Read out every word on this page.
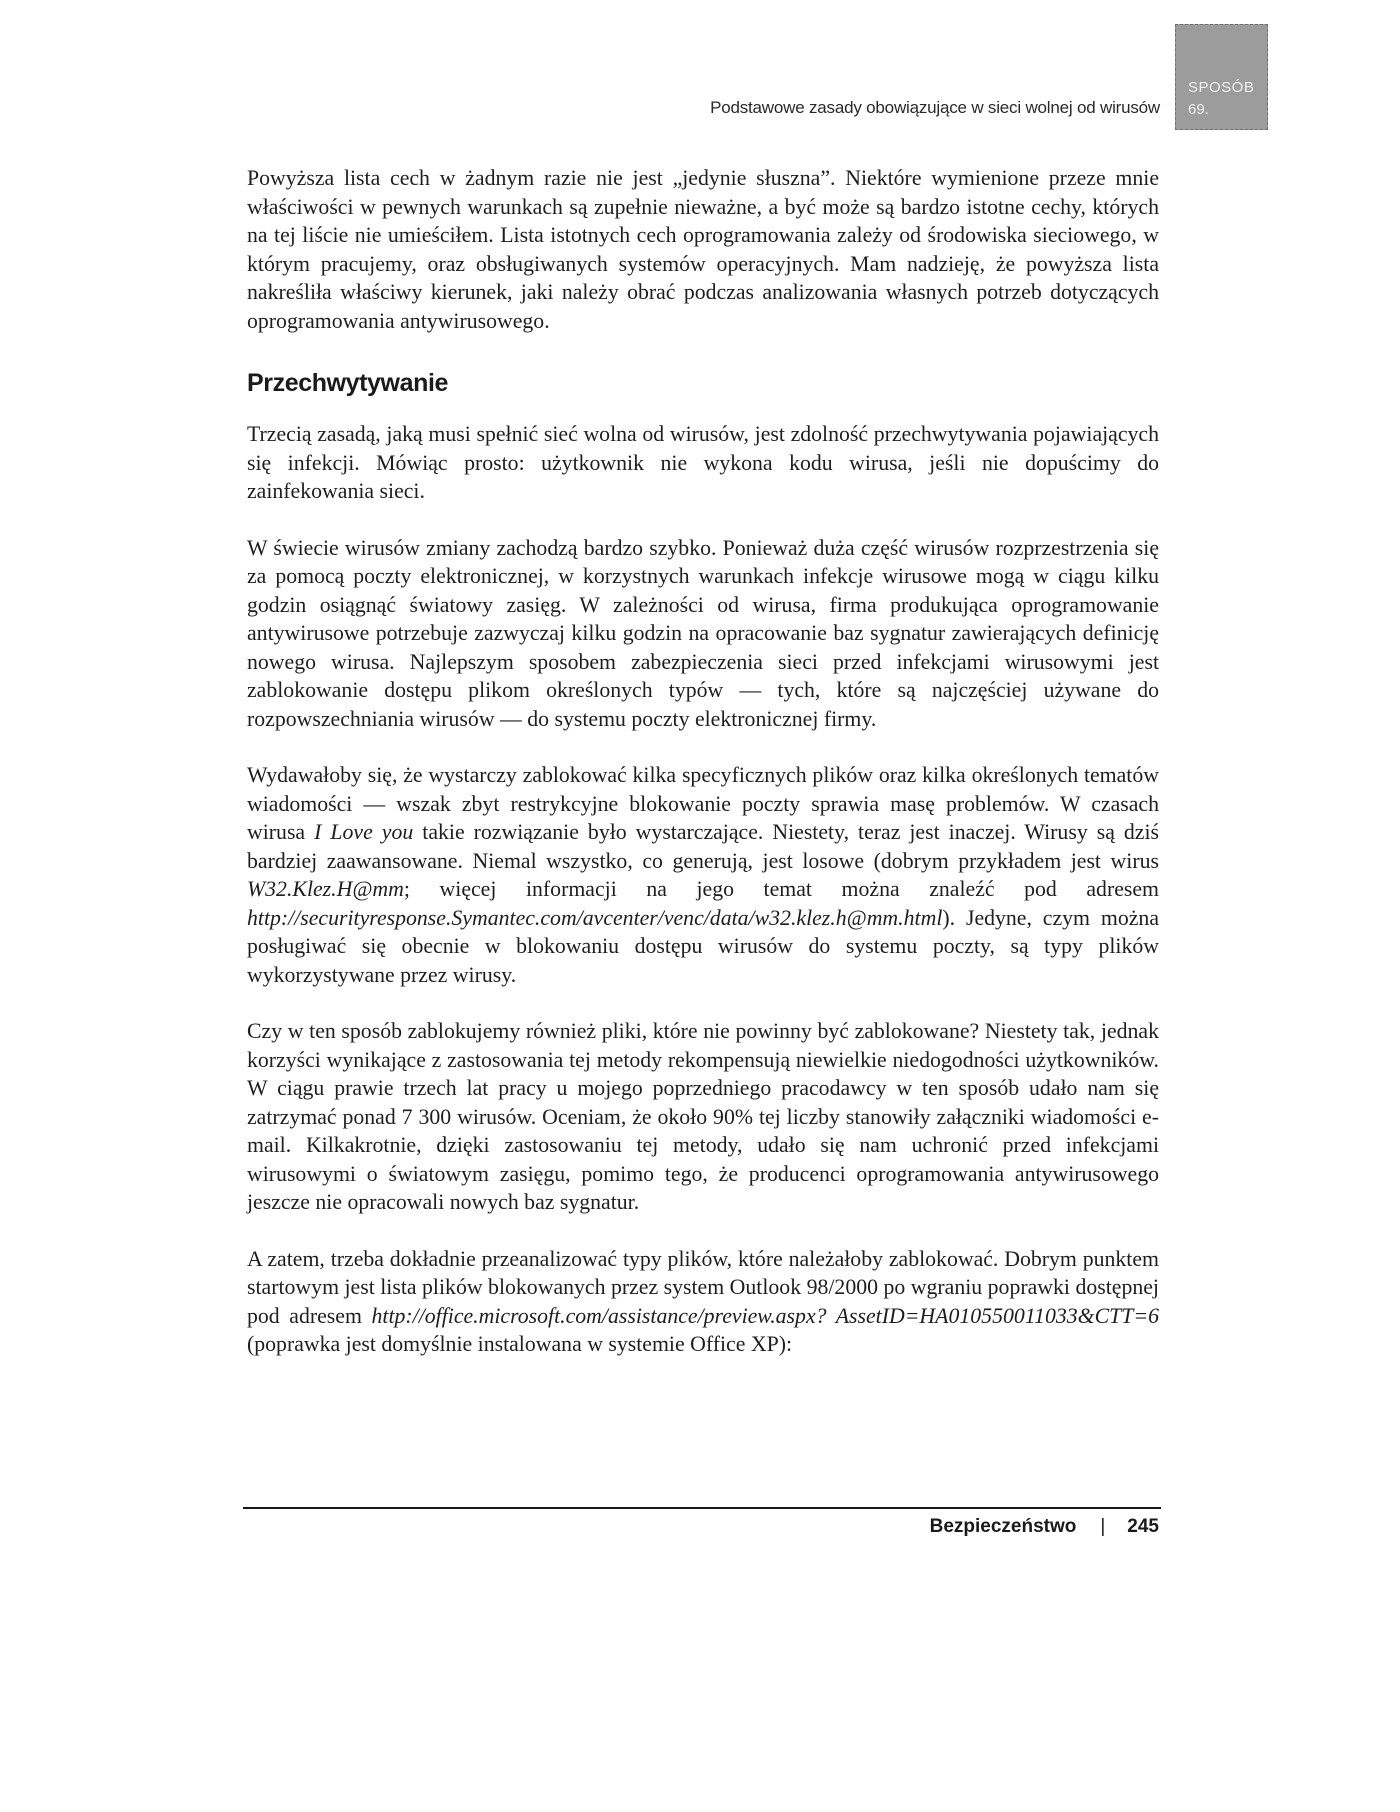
Podstawowe zasady obowiązujące w sieci wolnej od wirusów
SPOSÓB
69.

Powyższa lista cech w żadnym razie nie jest „jedynie słuszna”. Niektóre wymienione przeze mnie właściwości w pewnych warunkach są zupełnie nieważne, a być może są bardzo istotne cechy, których na tej liście nie umieściłem. Lista istotnych cech oprogramowania zależy od środowiska sieciowego, w którym pracujemy, oraz obsługiwanych systemów operacyjnych. Mam nadzieję, że powyższa lista nakreśliła właściwy kierunek, jaki należy obrać podczas analizowania własnych potrzeb dotyczących oprogramowania antywirusowego.

Przechwytywanie

Trzecią zasadą, jaką musi spełnić sieć wolna od wirusów, jest zdolność przechwytywania pojawiających się infekcji. Mówiąc prosto: użytkownik nie wykona kodu wirusa, jeśli nie dopuścimy do zainfekowania sieci.

W świecie wirusów zmiany zachodzą bardzo szybko. Ponieważ duża część wirusów rozprzestrzenia się za pomocą poczty elektronicznej, w korzystnych warunkach infekcje wirusowe mogą w ciągu kilku godzin osiągnąć światowy zasięg. W zależności od wirusa, firma produkująca oprogramowanie antywirusowe potrzebuje zazwyczaj kilku godzin na opracowanie baz sygnatur zawierających definicję nowego wirusa. Najlepszym sposobem zabezpieczenia sieci przed infekcjami wirusowymi jest zablokowanie dostępu plikom określonych typów — tych, które są najczęściej używane do rozpowszechniania wirusów — do systemu poczty elektronicznej firmy.

Wydawałoby się, że wystarczy zablokować kilka specyficznych plików oraz kilka określonych tematów wiadomości — wszak zbyt restrykcyjne blokowanie poczty sprawia masę problemów. W czasach wirusa I Love you takie rozwiązanie było wystarczające. Niestety, teraz jest inaczej. Wirusy są dziś bardziej zaawansowane. Niemal wszystko, co generują, jest losowe (dobrym przykładem jest wirus W32.Klez.H@mm; więcej informacji na jego temat można znaleźć pod adresem http://securityresponse.Symantec.com/avcenter/venc/data/w32.klez.h@mm.html). Jedyne, czym można posługiwać się obecnie w blokowaniu dostępu wirusów do systemu poczty, są typy plików wykorzystywane przez wirusy.

Czy w ten sposób zablokujemy również pliki, które nie powinny być zablokowane? Niestety tak, jednak korzyści wynikające z zastosowania tej metody rekompensują niewielkie niedogodności użytkowników. W ciągu prawie trzech lat pracy u mojego poprzedniego pracodawcy w ten sposób udało nam się zatrzymać ponad 7 300 wirusów. Oceniam, że około 90% tej liczby stanowiły załączniki wiadomości e-mail. Kilkakrotnie, dzięki zastosowaniu tej metody, udało się nam uchronić przed infekcjami wirusowymi o światowym zasięgu, pomimo tego, że producenci oprogramowania antywirusowego jeszcze nie opracowali nowych baz sygnatur.

A zatem, trzeba dokładnie przeanalizować typy plików, które należałoby zablokować. Dobrym punktem startowym jest lista plików blokowanych przez system Outlook 98/2000 po wgraniu poprawki dostępnej pod adresem http://office.microsoft.com/assistance/preview.aspx? AssetID=HA010550011033&CTT=6 (poprawka jest domyślnie instalowana w systemie Office XP):

Bezpieczeństwo | 245
